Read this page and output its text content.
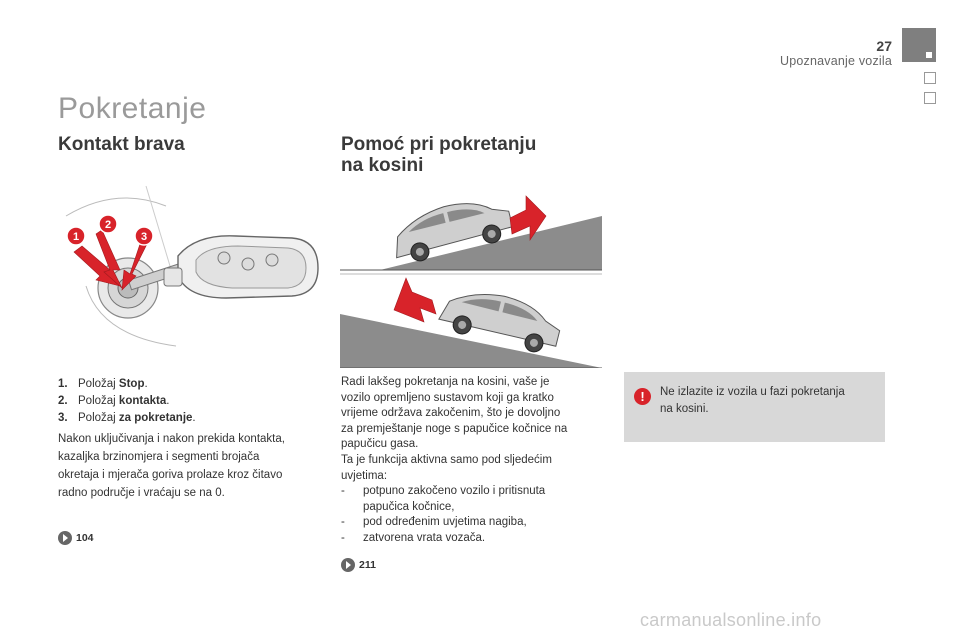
27
Upoznavanje vozila
Pokretanje
Kontakt brava
1
2
3
1. Položaj Stop.
2. Položaj kontakta.
3. Položaj za pokretanje.
Nakon uključivanja i nakon prekida kontakta,
kazaljka brzinomjera i segmenti brojača
okretaja i mjerača goriva prolaze kroz čitavo
radno područje i vraćaju se na 0.
104
Pomoć pri pokretanju
na kosini
Radi lakšeg pokretanja na kosini, vaše je
vozilo opremljeno sustavom koji ga kratko
vrijeme održava zakočenim, što je dovoljno
za premještanje noge s papučice kočnice na
papučicu gasa.
Ta je funkcija aktivna samo pod sljedećim
uvjetima:
- potpuno zakočeno vozilo i pritisnuta
papučica kočnice,
- pod određenim uvjetima nagiba,
- zatvorena vrata vozača.
211
!	Ne izlazite iz vozila u fazi pokretanja
na kosini.
carmanualsonline.info
